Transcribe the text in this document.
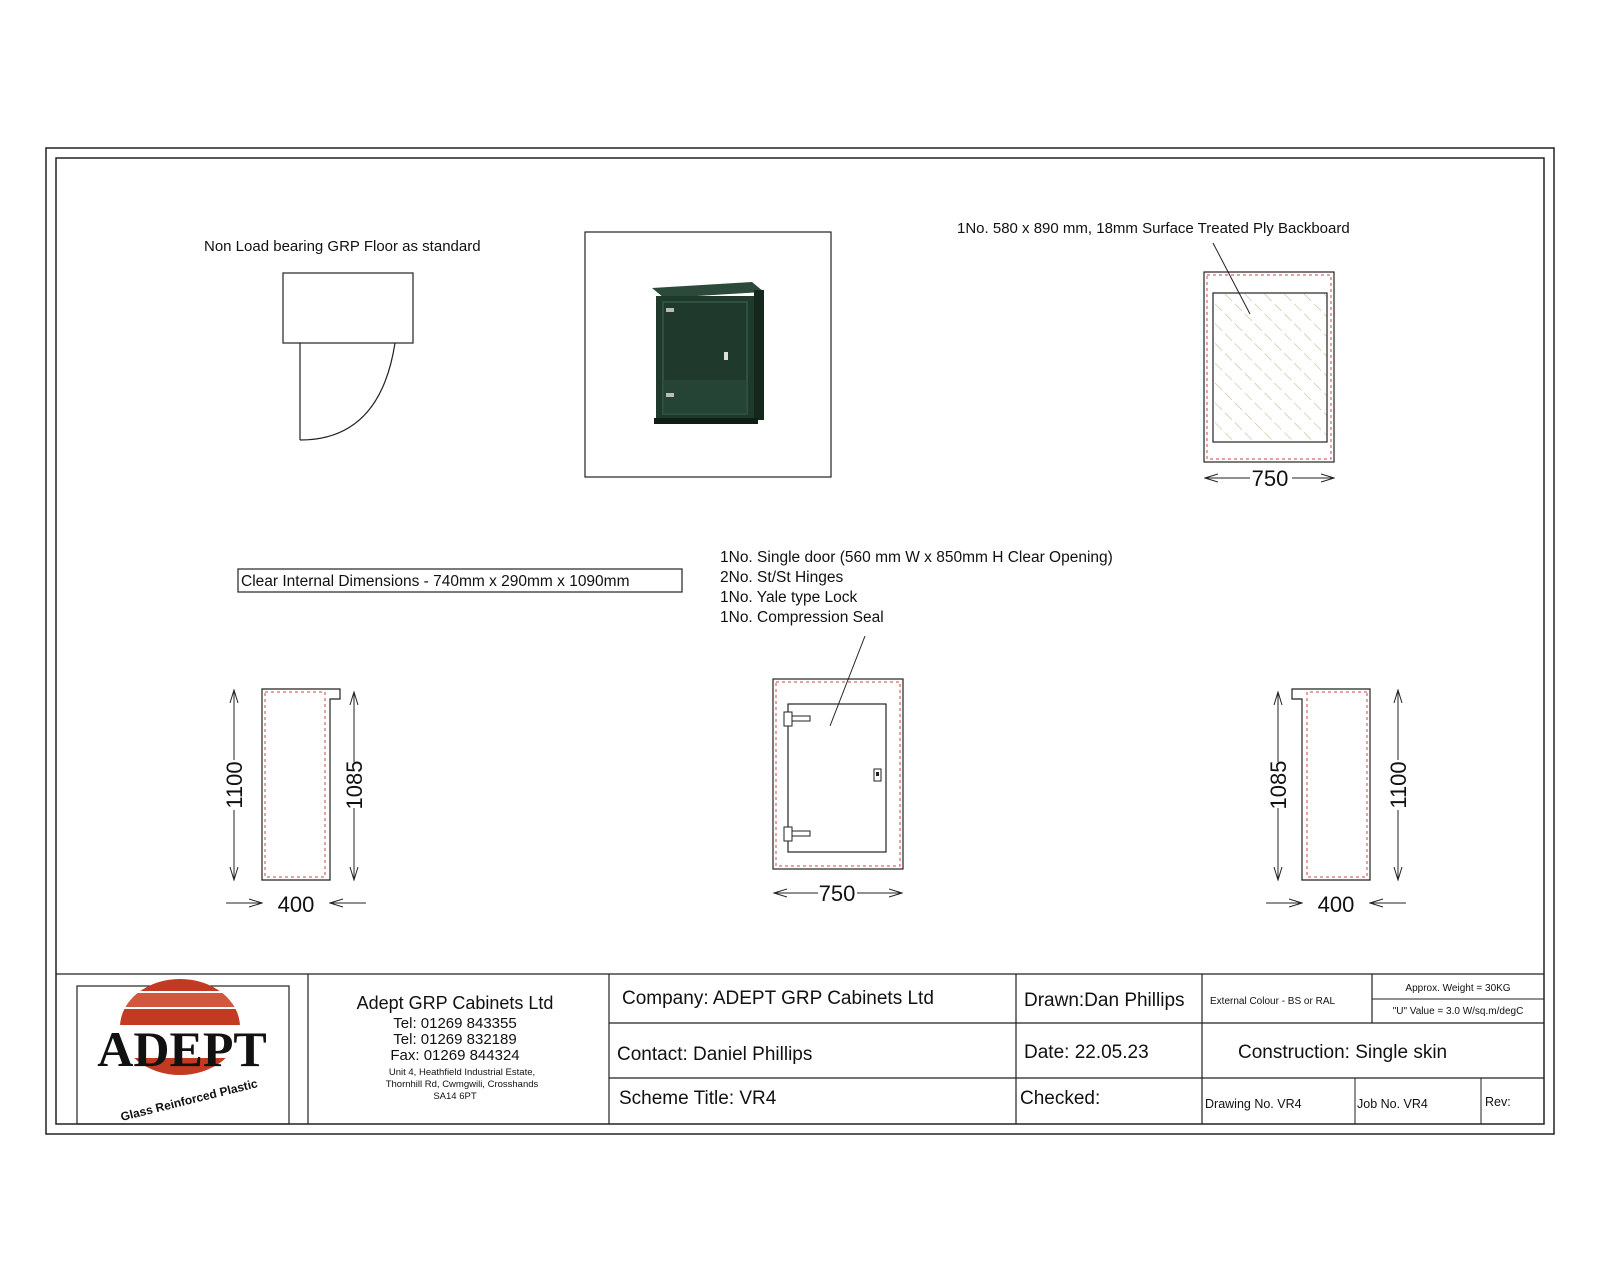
Non Load bearing GRP Floor as standard
1No. 580 x 890 mm, 18mm Surface Treated Ply Backboard
750
Clear Internal Dimensions - 740mm x 290mm x 1090mm
1No. Single door (560 mm W x 850mm H Clear Opening)
2No. St/St Hinges
1No. Yale type Lock
1No. Compression Seal
1100	1085
400	750
1085	1100
400
ADEPT
Glass Reinforced Plastic
Adept GRP Cabinets Ltd
Tel: 01269 843355
Tel: 01269 832189
Fax: 01269 844324
Unit 4, Heathfield Industrial Estate,
Thornhill Rd, Cwmgwili, Crosshands
SA14 6PT
Company: ADEPT GRP Cabinets Ltd
Contact: Daniel Phillips
Scheme Title: VR4
Drawn:Dan Phillips
Date: 22.05.23
Checked:
External Colour - BS or RAL
Approx. Weight = 30KG
"U" Value = 3.0 W/sq.m/degC
Construction: Single skin
Drawing No. VR4	Job No. VR4	Rev:
